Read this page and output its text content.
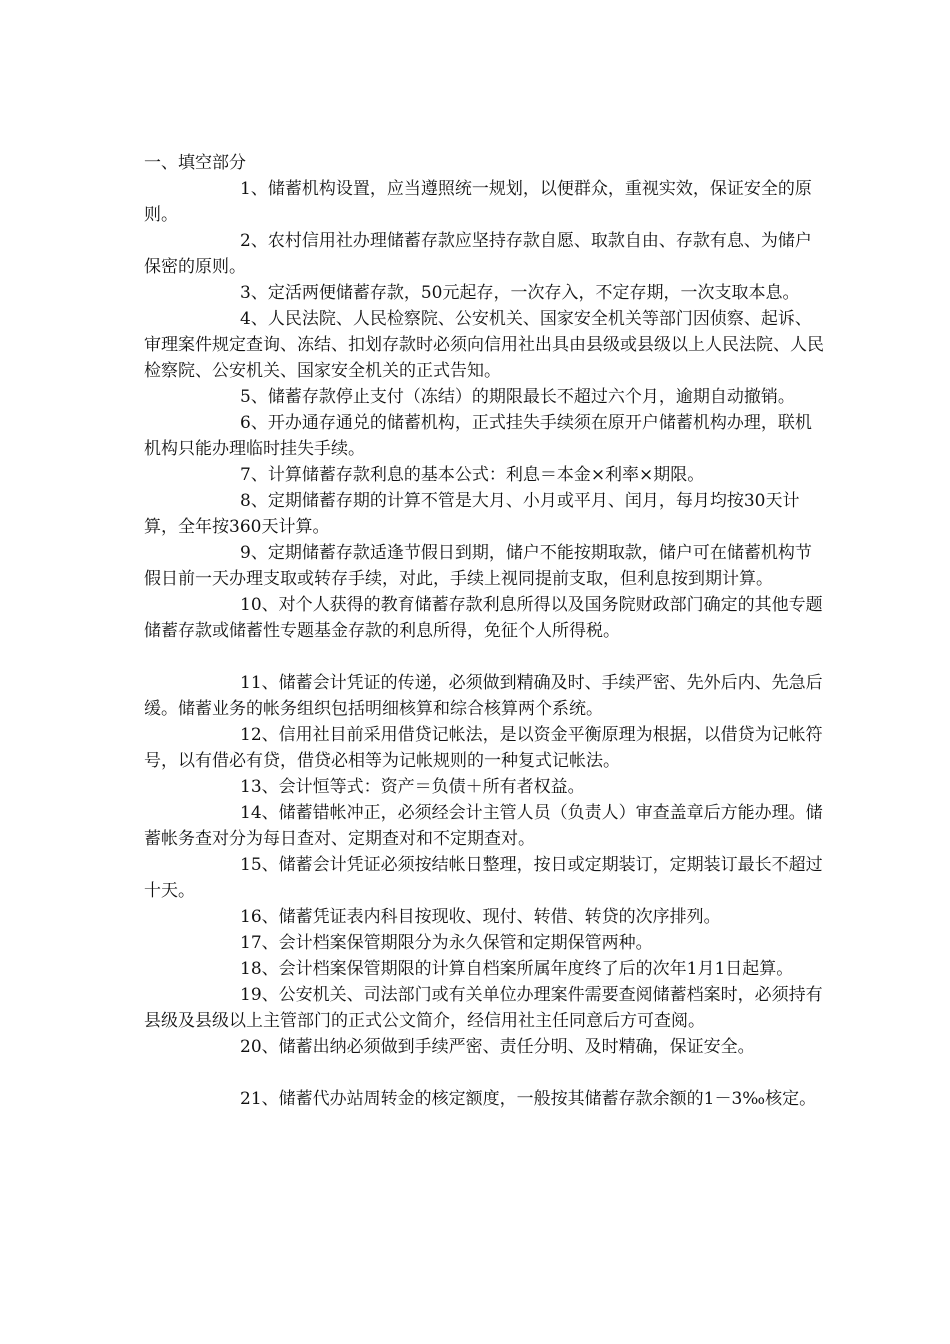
一、填空部分

1、储蓄机构设置，应当遵照统一规划，以便群众，重视实效，保证安全的原则。

2、农村信用社办理储蓄存款应坚持存款自愿、取款自由、存款有息、为储户保密的原则。

3、定活两便储蓄存款，50元起存，一次存入，不定存期，一次支取本息。

4、人民法院、人民检察院、公安机关、国家安全机关等部门因侦察、起诉、审理案件规定查询、冻结、扣划存款时必须向信用社出具由县级或县级以上人民法院、人民检察院、公安机关、国家安全机关的正式告知。

5、储蓄存款停止支付（冻结）的期限最长不超过六个月，逾期自动撤销。

6、开办通存通兑的储蓄机构，正式挂失手续须在原开户储蓄机构办理，联机机构只能办理临时挂失手续。

7、计算储蓄存款利息的基本公式：利息＝本金×利率×期限。

8、定期储蓄存期的计算不管是大月、小月或平月、闰月，每月均按30天计算，全年按360天计算。

9、定期储蓄存款适逢节假日到期，储户不能按期取款，储户可在储蓄机构节假日前一天办理支取或转存手续，对此，手续上视同提前支取，但利息按到期计算。

10、对个人获得的教育储蓄存款利息所得以及国务院财政部门确定的其他专题储蓄存款或储蓄性专题基金存款的利息所得，免征个人所得税。

11、储蓄会计凭证的传递，必须做到精确及时、手续严密、先外后内、先急后缓。储蓄业务的帐务组织包括明细核算和综合核算两个系统。

12、信用社目前采用借贷记帐法，是以资金平衡原理为根据，以借贷为记帐符号，以有借必有贷，借贷必相等为记帐规则的一种复式记帐法。

13、会计恒等式：资产＝负债＋所有者权益。

14、储蓄错帐冲正，必须经会计主管人员（负责人）审查盖章后方能办理。储蓄帐务查对分为每日查对、定期查对和不定期查对。

15、储蓄会计凭证必须按结帐日整理，按日或定期装订，定期装订最长不超过十天。

16、储蓄凭证表内科目按现收、现付、转借、转贷的次序排列。

17、会计档案保管期限分为永久保管和定期保管两种。

18、会计档案保管期限的计算自档案所属年度终了后的次年1月1日起算。

19、公安机关、司法部门或有关单位办理案件需要查阅储蓄档案时，必须持有县级及县级以上主管部门的正式公文简介，经信用社主任同意后方可查阅。

20、储蓄出纳必须做到手续严密、责任分明、及时精确，保证安全。

21、储蓄代办站周转金的核定额度，一般按其储蓄存款余额的1－3‰核定。
